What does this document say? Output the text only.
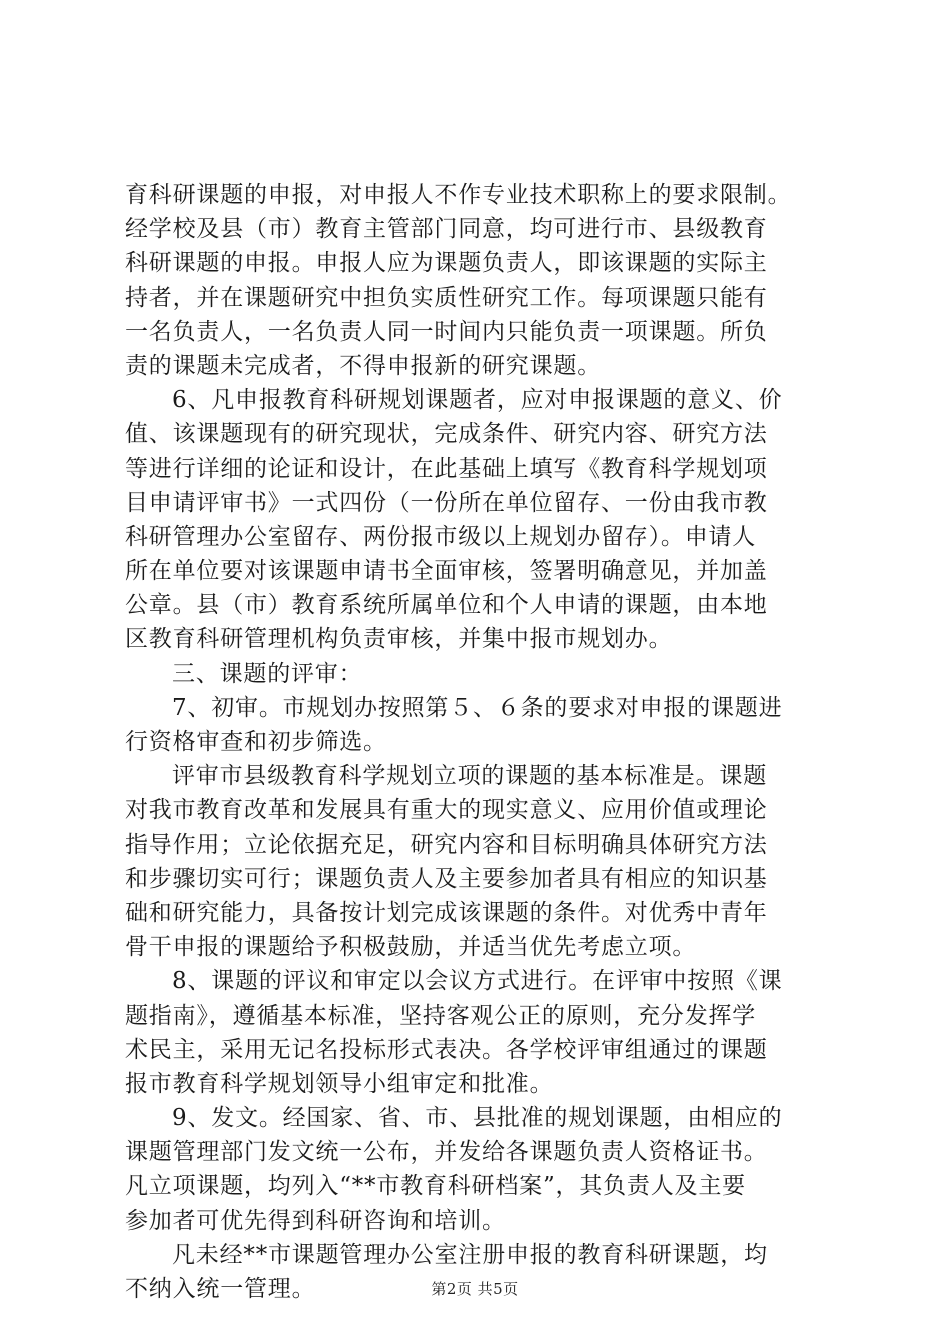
育科研课题的申报，对申报人不作专业技术职称上的要求限制。
经学校及县（市）教育主管部门同意，均可进行市、县级教育
科研课题的申报。申报人应为课题负责人，即该课题的实际主
持者，并在课题研究中担负实质性研究工作。每项课题只能有
一名负责人，一名负责人同一时间内只能负责一项课题。所负
责的课题未完成者，不得申报新的研究课题。
6、凡申报教育科研规划课题者，应对申报课题的意义、价
值、该课题现有的研究现状，完成条件、研究内容、研究方法
等进行详细的论证和设计，在此基础上填写《教育科学规划项
目申请评审书》一式四份（一份所在单位留存、一份由我市教
科研管理办公室留存、两份报市级以上规划办留存）。申请人
所在单位要对该课题申请书全面审核，签署明确意见，并加盖
公章。县（市）教育系统所属单位和个人申请的课题，由本地
区教育科研管理机构负责审核，并集中报市规划办。
三、课题的评审：
7、初审。市规划办按照第５、６条的要求对申报的课题进
行资格审查和初步筛选。
评审市县级教育科学规划立项的课题的基本标准是。课题
对我市教育改革和发展具有重大的现实意义、应用价值或理论
指导作用；立论依据充足，研究内容和目标明确具体研究方法
和步骤切实可行；课题负责人及主要参加者具有相应的知识基
础和研究能力，具备按计划完成该课题的条件。对优秀中青年
骨干申报的课题给予积极鼓励，并适当优先考虑立项。
8、课题的评议和审定以会议方式进行。在评审中按照《课
题指南》，遵循基本标准，坚持客观公正的原则，充分发挥学
术民主，采用无记名投标形式表决。各学校评审组通过的课题
报市教育科学规划领导小组审定和批准。
9、发文。经国家、省、市、县批准的规划课题，由相应的
课题管理部门发文统一公布，并发给各课题负责人资格证书。
凡立项课题，均列入“**市教育科研档案”，其负责人及主要
参加者可优先得到科研咨询和培训。
凡未经**市课题管理办公室注册申报的教育科研课题，均
不纳入统一管理。	第2页 共5页
